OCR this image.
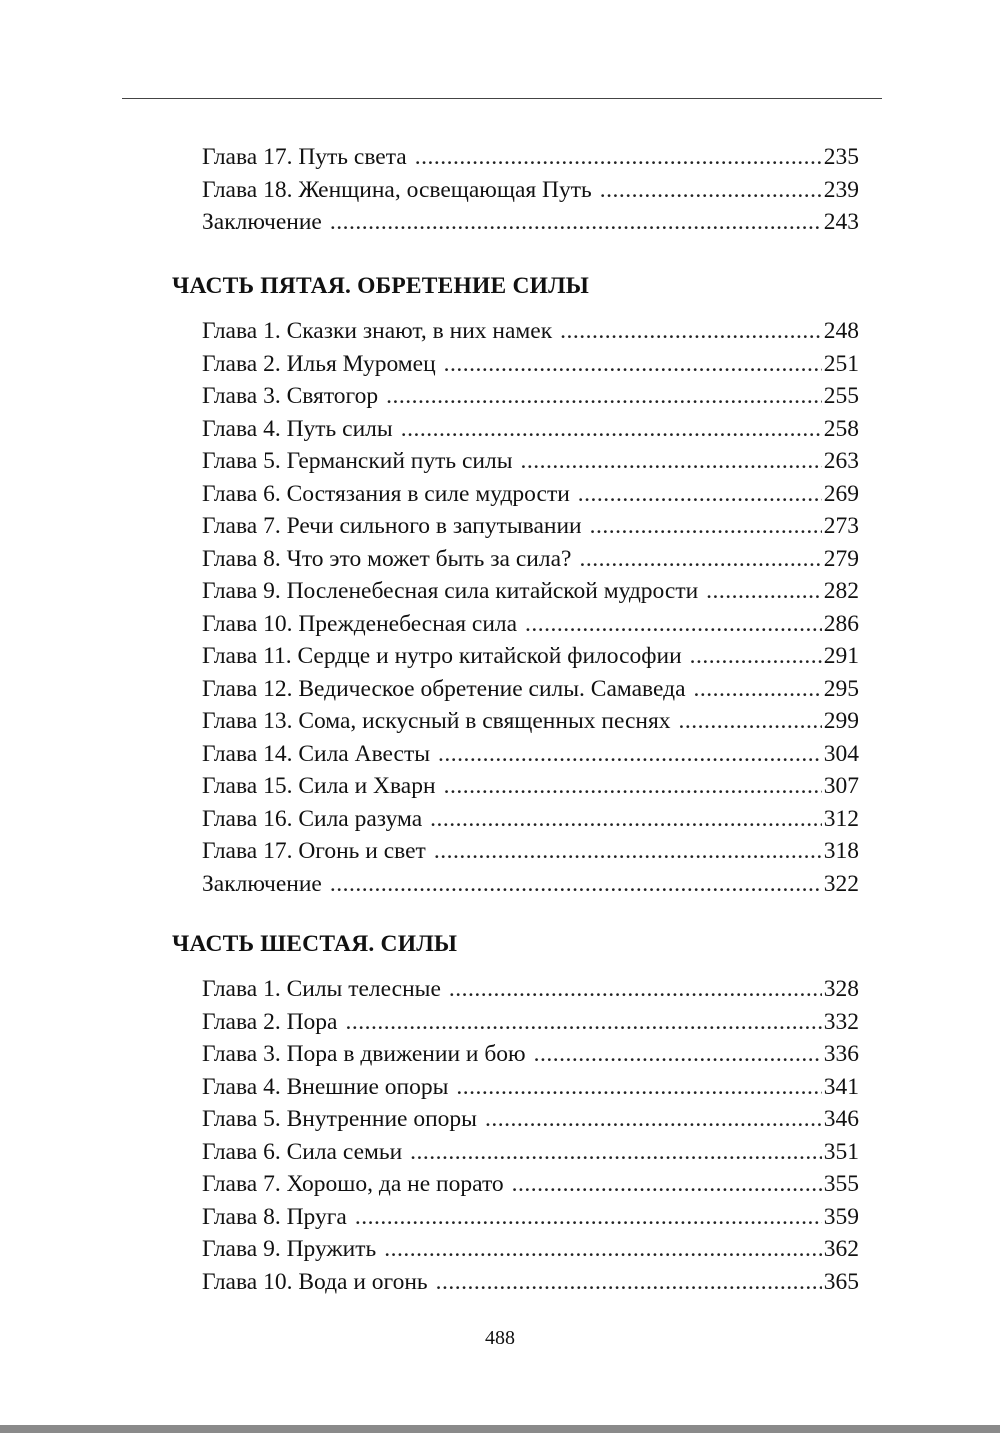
Глава 17. Путь света .....	235
Глава 18. Женщина, освещающая Путь .....	239
Заключение .....	243
ЧАСТЬ ПЯТАЯ. ОБРЕТЕНИЕ СИЛЫ
Глава 1. Сказки знают, в них намек .....	248
Глава 2. Илья Муромец .....	251
Глава 3. Святогор .....	255
Глава 4. Путь силы .....	258
Глава 5. Германский путь силы .....	263
Глава 6. Состязания в силе мудрости .....	269
Глава 7. Речи сильного в запутывании .....	273
Глава 8. Что это может быть за сила? .....	279
Глава 9. Посленебесная сила китайской мудрости .....	282
Глава 10. Прежденебесная сила .....	286
Глава 11. Сердце и нутро китайской философии .....	291
Глава 12. Ведическое обретение силы. Самаведа .....	295
Глава 13. Сома, искусный в священных песнях .....	299
Глава 14. Сила Авесты .....	304
Глава 15. Сила и Хварн .....	307
Глава 16. Сила разума .....	312
Глава 17. Огонь и свет .....	318
Заключение .....	322
ЧАСТЬ ШЕСТАЯ. СИЛЫ
Глава 1. Силы телесные .....	328
Глава 2. Пора .....	332
Глава 3. Пора в движении и бою .....	336
Глава 4. Внешние опоры .....	341
Глава 5. Внутренние опоры .....	346
Глава 6. Сила семьи .....	351
Глава 7. Хорошо, да не порато .....	355
Глава 8. Пруга .....	359
Глава 9. Пружить .....	362
Глава 10. Вода и огонь .....	365
488
